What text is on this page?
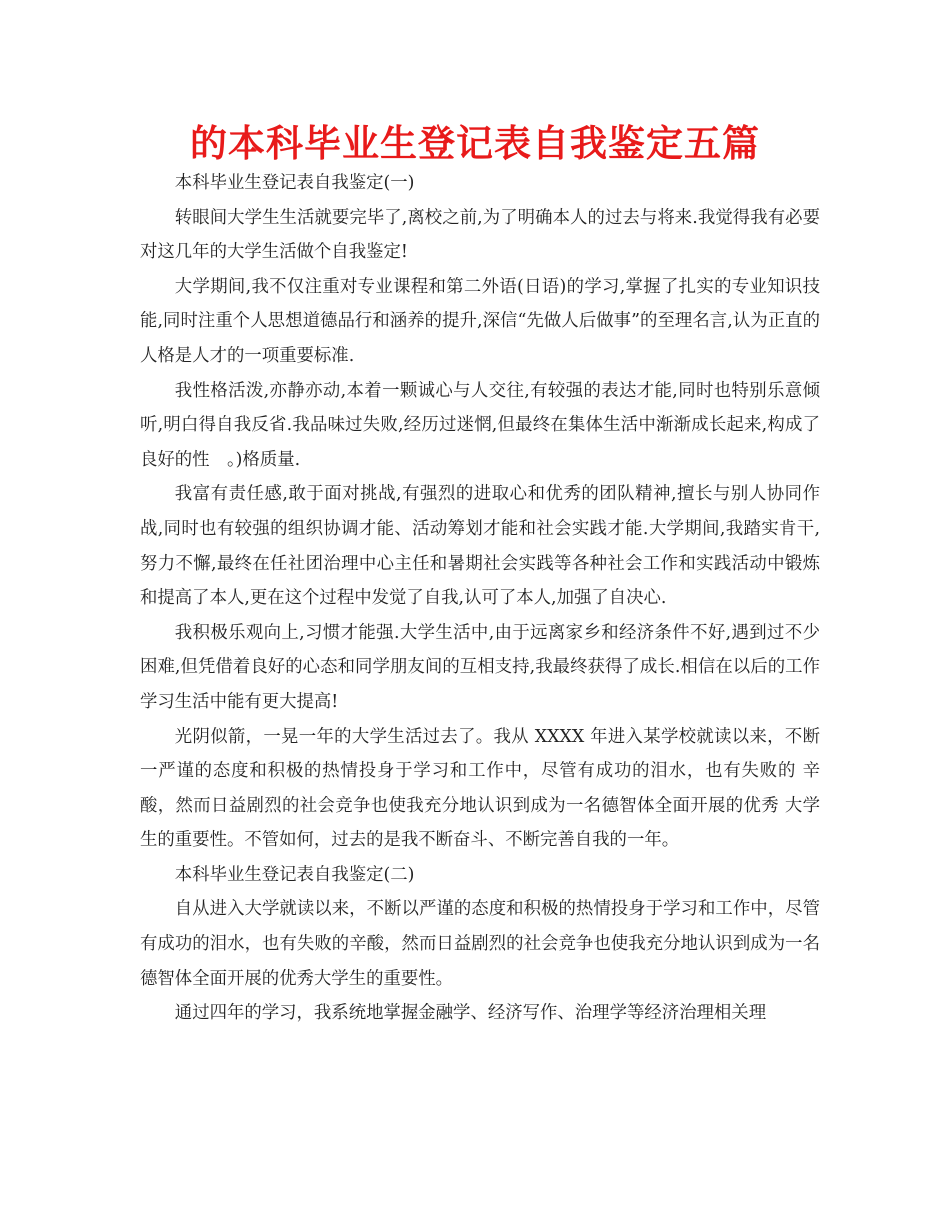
的本科毕业生登记表自我鉴定五篇

本科毕业生登记表自我鉴定(一)

转眼间大学生生活就要完毕了,离校之前,为了明确本人的过去与将来.我觉得我有必要对这几年的大学生活做个自我鉴定!

大学期间,我不仅注重对专业课程和第二外语(日语)的学习,掌握了扎实的专业知识技能,同时注重个人思想道德品行和涵养的提升,深信“先做人后做事”的至理名言,认为正直的人格是人才的一项重要标准.

我性格活泼,亦静亦动,本着一颗诚心与人交往,有较强的表达才能,同时也特别乐意倾听,明白得自我反省.我品味过失败,经历过迷惘,但最终在集体生活中渐渐成长起来,构成了良好的性　。)格质量.

我富有责任感,敢于面对挑战,有强烈的进取心和优秀的团队精神,擅长与别人协同作战,同时也有较强的组织协调才能、活动筹划才能和社会实践才能.大学期间,我踏实肯干,努力不懈,最终在任社团治理中心主任和暑期社会实践等各种社会工作和实践活动中锻炼和提高了本人,更在这个过程中发觉了自我,认可了本人,加强了自决心.

我积极乐观向上,习惯才能强.大学生活中,由于远离家乡和经济条件不好,遇到过不少困难,但凭借着良好的心态和同学朋友间的互相支持,我最终获得了成长.相信在以后的工作学习生活中能有更大提高!

光阴似箭，一晃一年的大学生活过去了。我从 XXXX 年进入某学校就读以来，不断一严谨的态度和积极的热情投身于学习和工作中，尽管有成功的泪水，也有失败的 辛酸，然而日益剧烈的社会竞争也使我充分地认识到成为一名德智体全面开展的优秀 大学生的重要性。不管如何，过去的是我不断奋斗、不断完善自我的一年。

本科毕业生登记表自我鉴定(二)

自从进入大学就读以来，不断以严谨的态度和积极的热情投身于学习和工作中，尽管有成功的泪水，也有失败的辛酸，然而日益剧烈的社会竞争也使我充分地认识到成为一名德智体全面开展的优秀大学生的重要性。

通过四年的学习，我系统地掌握金融学、经济写作、治理学等经济治理相关理
